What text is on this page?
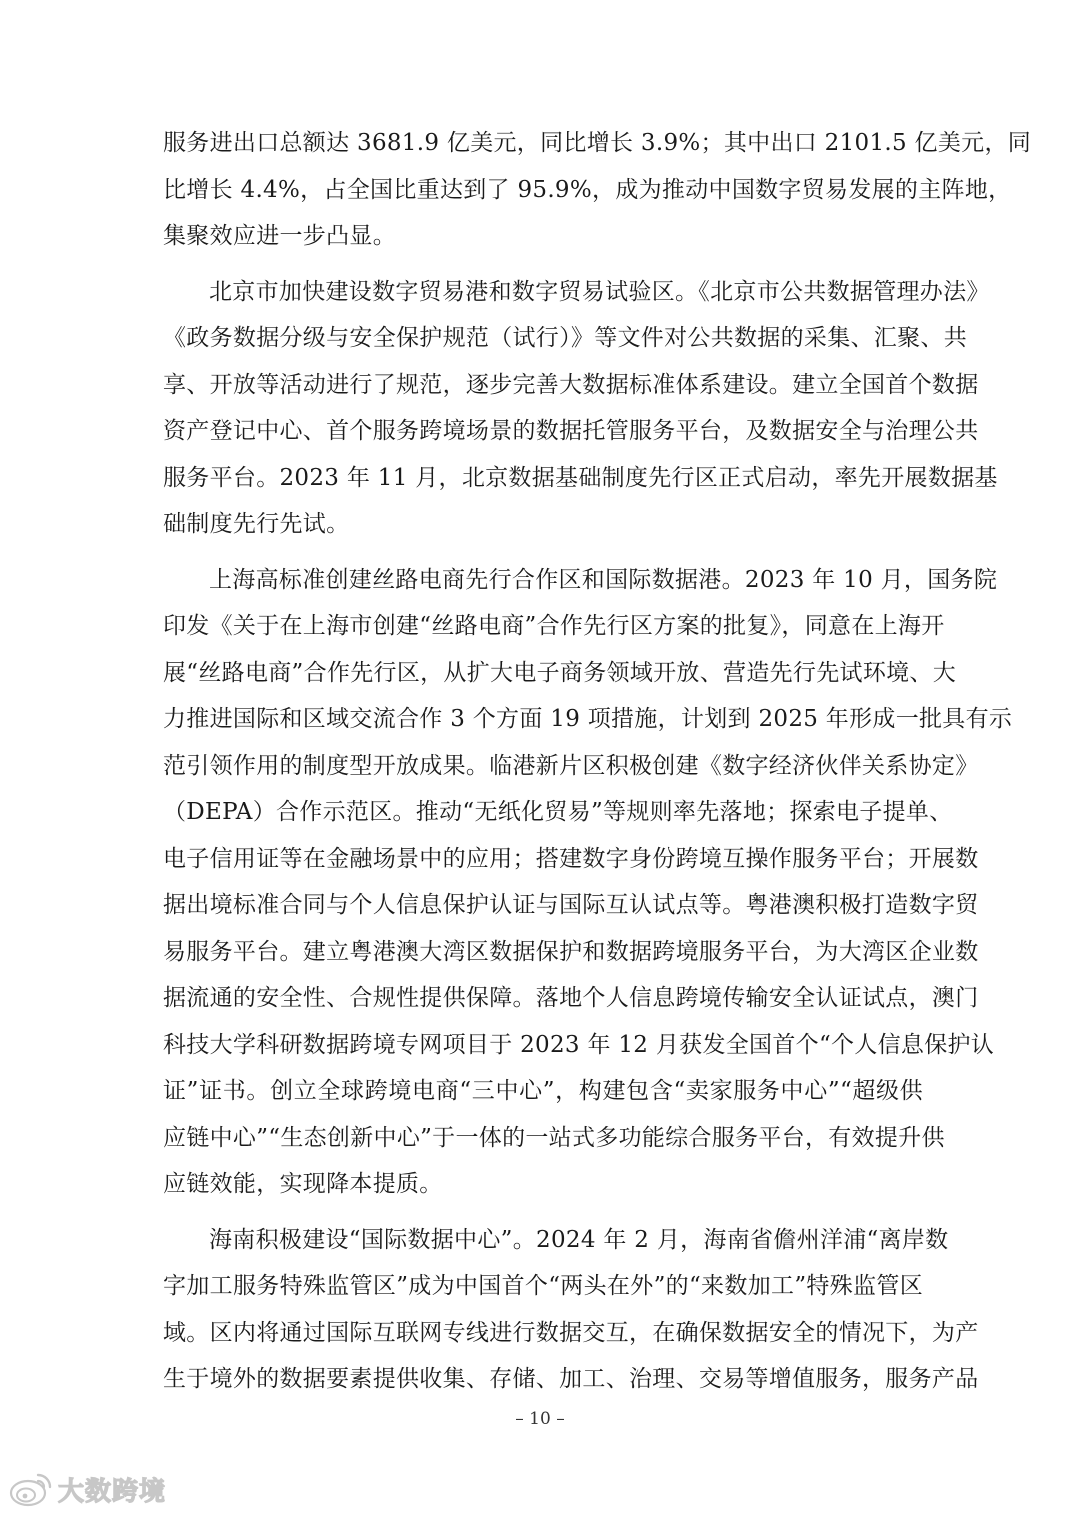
服务进出口总额达 3681.9 亿美元，同比增长 3.9%；其中出口 2101.5 亿美元，同
比增长 4.4%，占全国比重达到了 95.9%，成为推动中国数字贸易发展的主阵地，
集聚效应进一步凸显。

北京市加快建设数字贸易港和数字贸易试验区。《北京市公共数据管理办法》
《政务数据分级与安全保护规范（试行）》等文件对公共数据的采集、汇聚、共
享、开放等活动进行了规范，逐步完善大数据标准体系建设。建立全国首个数据
资产登记中心、首个服务跨境场景的数据托管服务平台，及数据安全与治理公共
服务平台。2023 年 11 月，北京数据基础制度先行区正式启动，率先开展数据基
础制度先行先试。

上海高标准创建丝路电商先行合作区和国际数据港。2023 年 10 月，国务院
印发《关于在上海市创建“丝路电商”合作先行区方案的批复》，同意在上海开
展“丝路电商”合作先行区，从扩大电子商务领域开放、营造先行先试环境、大
力推进国际和区域交流合作 3 个方面 19 项措施，计划到 2025 年形成一批具有示
范引领作用的制度型开放成果。临港新片区积极创建《数字经济伙伴关系协定》
（DEPA）合作示范区。推动“无纸化贸易”等规则率先落地；探索电子提单、
电子信用证等在金融场景中的应用；搭建数字身份跨境互操作服务平台；开展数
据出境标准合同与个人信息保护认证与国际互认试点等。粤港澳积极打造数字贸
易服务平台。建立粤港澳大湾区数据保护和数据跨境服务平台，为大湾区企业数
据流通的安全性、合规性提供保障。落地个人信息跨境传输安全认证试点，澳门
科技大学科研数据跨境专网项目于 2023 年 12 月获发全国首个“个人信息保护认
证”证书。创立全球跨境电商“三中心”，构建包含“卖家服务中心”“超级供
应链中心”“生态创新中心”于一体的一站式多功能综合服务平台，有效提升供
应链效能，实现降本提质。

海南积极建设“国际数据中心”。2024 年 2 月，海南省儋州洋浦“离岸数
字加工服务特殊监管区”成为中国首个“两头在外”的“来数加工”特殊监管区
域。区内将通过国际互联网专线进行数据交互，在确保数据安全的情况下，为产
生于境外的数据要素提供收集、存储、加工、治理、交易等增值服务，服务产品

– 10 –
大数跨境
